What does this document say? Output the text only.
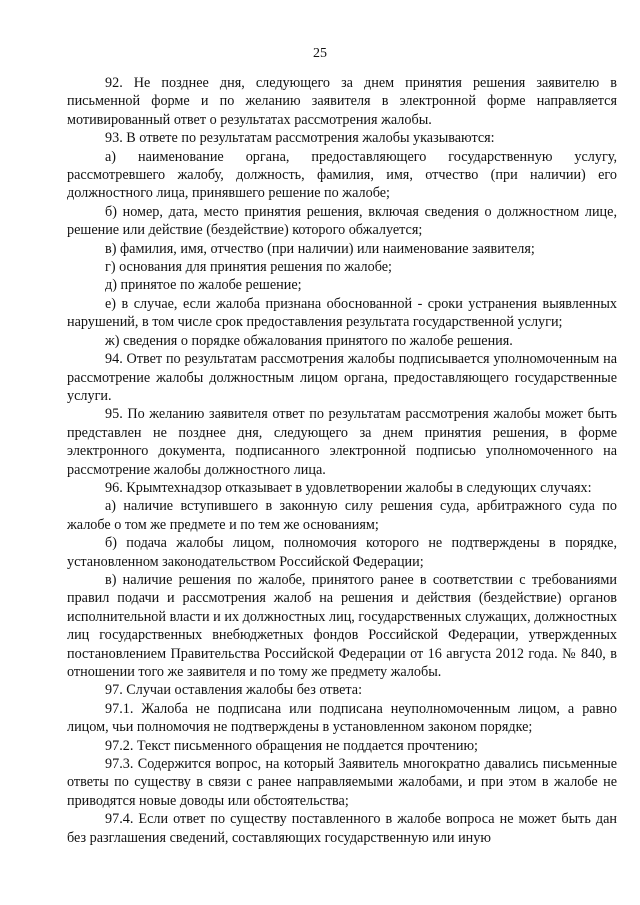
25

92. Не позднее дня, следующего за днем принятия решения заявителю в письменной форме и по желанию заявителя в электронной форме направляется мотивированный ответ о результатах рассмотрения жалобы.

93. В ответе по результатам рассмотрения жалобы указываются:

а) наименование органа, предоставляющего государственную услугу, рассмотревшего жалобу, должность, фамилия, имя, отчество (при наличии) его должностного лица, принявшего решение по жалобе;

б) номер, дата, место принятия решения, включая сведения о должностном лице, решение или действие (бездействие) которого обжалуется;

в) фамилия, имя, отчество (при наличии) или наименование заявителя;

г) основания для принятия решения по жалобе;

д) принятое по жалобе решение;

е) в случае, если жалоба признана обоснованной - сроки устранения выявленных нарушений, в том числе срок предоставления результата государственной услуги;

ж) сведения о порядке обжалования принятого по жалобе решения.

94. Ответ по результатам рассмотрения жалобы подписывается уполномоченным на рассмотрение жалобы должностным лицом органа, предоставляющего государственные услуги.

95. По желанию заявителя ответ по результатам рассмотрения жалобы может быть представлен не позднее дня, следующего за днем принятия решения, в форме электронного документа, подписанного электронной подписью уполномоченного на рассмотрение жалобы должностного лица.

96. Крымтехнадзор отказывает в удовлетворении жалобы в следующих случаях:

а) наличие вступившего в законную силу решения суда, арбитражного суда по жалобе о том же предмете и по тем же основаниям;

б) подача жалобы лицом, полномочия которого не подтверждены в порядке, установленном законодательством Российской Федерации;

в) наличие решения по жалобе, принятого ранее в соответствии с требованиями правил подачи и рассмотрения жалоб на решения и действия (бездействие) органов исполнительной власти и их должностных лиц, государственных служащих, должностных лиц государственных внебюджетных фондов Российской Федерации, утвержденных постановлением Правительства Российской Федерации от 16 августа 2012 года. № 840, в отношении того же заявителя и по тому же предмету жалобы.

97. Случаи оставления жалобы без ответа:

97.1. Жалоба не подписана или подписана неуполномоченным лицом, а равно лицом, чьи полномочия не подтверждены в установленном законом порядке;

97.2. Текст письменного обращения не поддается прочтению;

97.3. Содержится вопрос, на который Заявитель многократно давались письменные ответы по существу в связи с ранее направляемыми жалобами, и при этом в жалобе не приводятся новые доводы или обстоятельства;

97.4. Если ответ по существу поставленного в жалобе вопроса не может быть дан без разглашения сведений, составляющих государственную или иную
